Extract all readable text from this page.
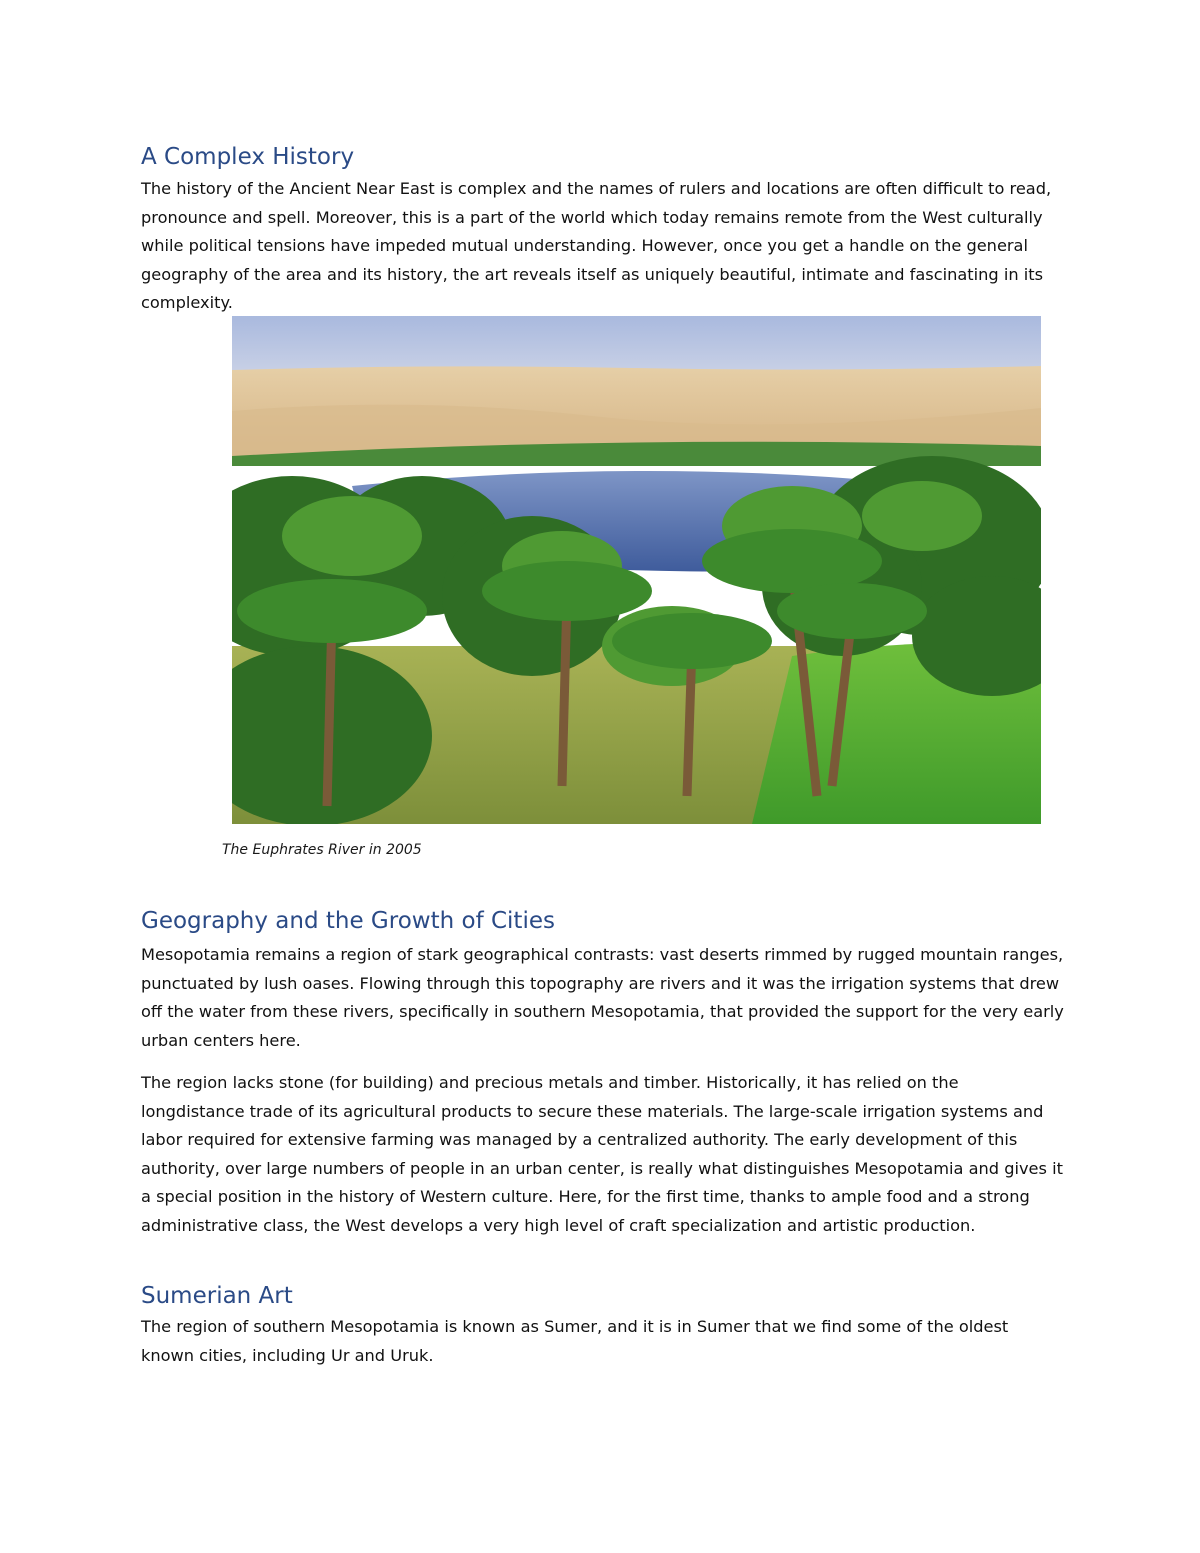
A Complex History

The history of the Ancient Near East is complex and the names of rulers and locations are often difficult to read, pronounce and spell. Moreover, this is a part of the world which today remains remote from the West culturally while political tensions have impeded mutual understanding. However, once you get a handle on the general geography of the area and its history, the art reveals itself as uniquely beautiful, intimate and fascinating in its complexity.

Geography and the Growth of Cities

Mesopotamia remains a region of stark geographical contrasts: vast deserts rimmed by rugged mountain ranges, punctuated by lush oases. Flowing through this topography are rivers and it was the irrigation systems that drew off the water from these rivers, specifically in southern Mesopotamia, that provided the support for the very early urban centers here.

The region lacks stone (for building) and precious metals and timber. Historically, it has relied on the longdistance trade of its agricultural products to secure these materials. The large-scale irrigation systems and labor required for extensive farming was managed by a centralized authority. The early development of this authority, over large numbers of people in an urban center, is really what distinguishes Mesopotamia and gives it a special position in the history of Western culture. Here, for the first time, thanks to ample food and a strong administrative class, the West develops a very high level of craft specialization and artistic production.

Sumerian Art

The region of southern Mesopotamia is known as Sumer, and it is in Sumer that we find some of the oldest known cities, including Ur and Uruk.

The Euphrates River in 2005
